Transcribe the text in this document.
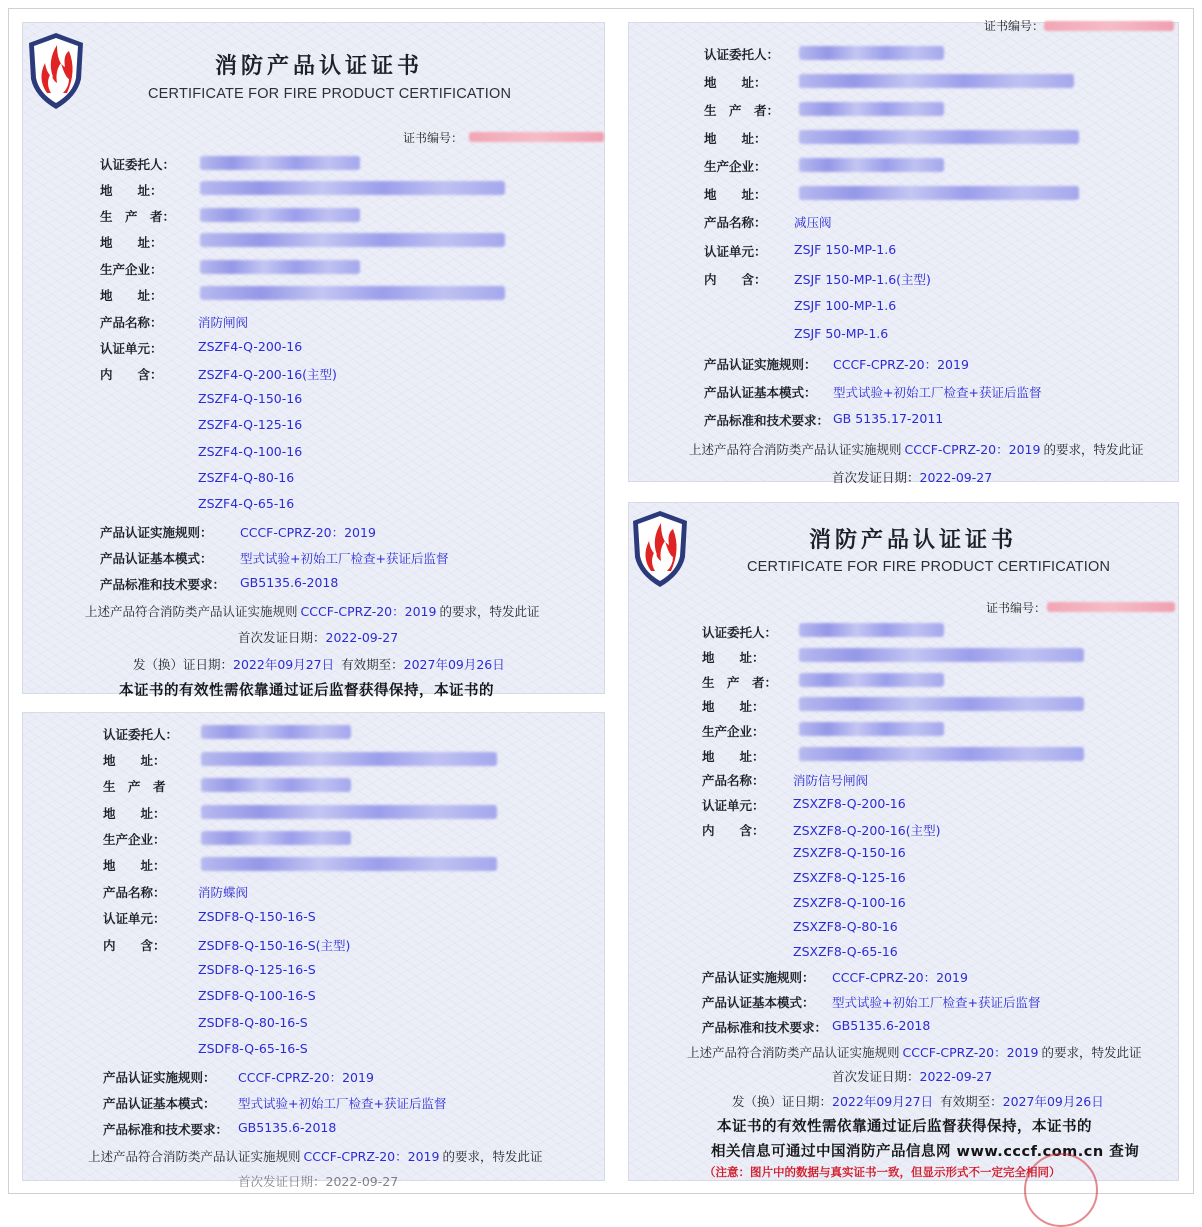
消防产品认证证书
CERTIFICATE FOR FIRE PRODUCT CERTIFICATION
证书编号：
认证委托人：
地　　址：
生　产　者：
地　　址：
生产企业：
地　　址：
产品名称：	消防闸阀
认证单元：	ZSZF4-Q-200-16
内　　含：	ZSZF4-Q-200-16(主型)
ZSZF4-Q-150-16
ZSZF4-Q-125-16
ZSZF4-Q-100-16
ZSZF4-Q-80-16
ZSZF4-Q-65-16
产品认证实施规则： CCCF-CPRZ-20：2019
产品认证基本模式： 型式试验+初始工厂检查+获证后监督
产品标准和技术要求： GB5135.6-2018
上述产品符合消防类产品认证实施规则 CCCF-CPRZ-20：2019 的要求，特发此证
首次发证日期：2022-09-27
发（换）证日期：2022年09月27日 有效期至：2027年09月26日
本证书的有效性需依靠通过证后监督获得保持，本证书的
认证委托人：
地　　址：
生　产　者
地　　址：
生产企业：
地　　址：
产品名称：	消防蝶阀
认证单元：	ZSDF8-Q-150-16-S
内　　含：	ZSDF8-Q-150-16-S(主型)
ZSDF8-Q-125-16-S
ZSDF8-Q-100-16-S
ZSDF8-Q-80-16-S
ZSDF8-Q-65-16-S
产品认证实施规则： CCCF-CPRZ-20：2019
产品认证基本模式： 型式试验+初始工厂检查+获证后监督
产品标准和技术要求： GB5135.6-2018
上述产品符合消防类产品认证实施规则 CCCF-CPRZ-20：2019 的要求，特发此证
首次发证日期：2022-09-27
证书编号：
认证委托人：
地　　址：
生　产　者：
地　　址：
生产企业：
地　　址：
产品名称： 减压阀
认证单元： ZSJF 150-MP-1.6
内　　含： ZSJF 150-MP-1.6(主型)
ZSJF 100-MP-1.6
ZSJF 50-MP-1.6
产品认证实施规则： CCCF-CPRZ-20：2019
产品认证基本模式： 型式试验+初始工厂检查+获证后监督
产品标准和技术要求： GB 5135.17-2011
上述产品符合消防类产品认证实施规则 CCCF-CPRZ-20：2019 的要求，特发此证
首次发证日期：2022-09-27
消防产品认证证书
CERTIFICATE FOR FIRE PRODUCT CERTIFICATION
证书编号：
认证委托人：
地　　址：
生　产　者：
地　　址：
生产企业：
地　　址：
产品名称： 消防信号闸阀
认证单元： ZSXZF8-Q-200-16
内　　含： ZSXZF8-Q-200-16(主型)
ZSXZF8-Q-150-16
ZSXZF8-Q-125-16
ZSXZF8-Q-100-16
ZSXZF8-Q-80-16
ZSXZF8-Q-65-16
产品认证实施规则： CCCF-CPRZ-20：2019
产品认证基本模式： 型式试验+初始工厂检查+获证后监督
产品标准和技术要求： GB5135.6-2018
上述产品符合消防类产品认证实施规则 CCCF-CPRZ-20：2019 的要求，特发此证
首次发证日期：2022-09-27
发（换）证日期：2022年09月27日 有效期至：2027年09月26日
本证书的有效性需依靠通过证后监督获得保持，本证书的
相关信息可通过中国消防产品信息网 www.cccf.com.cn 查询
（注意：图片中的数据与真实证书一致，但显示形式不一定完全相同）
